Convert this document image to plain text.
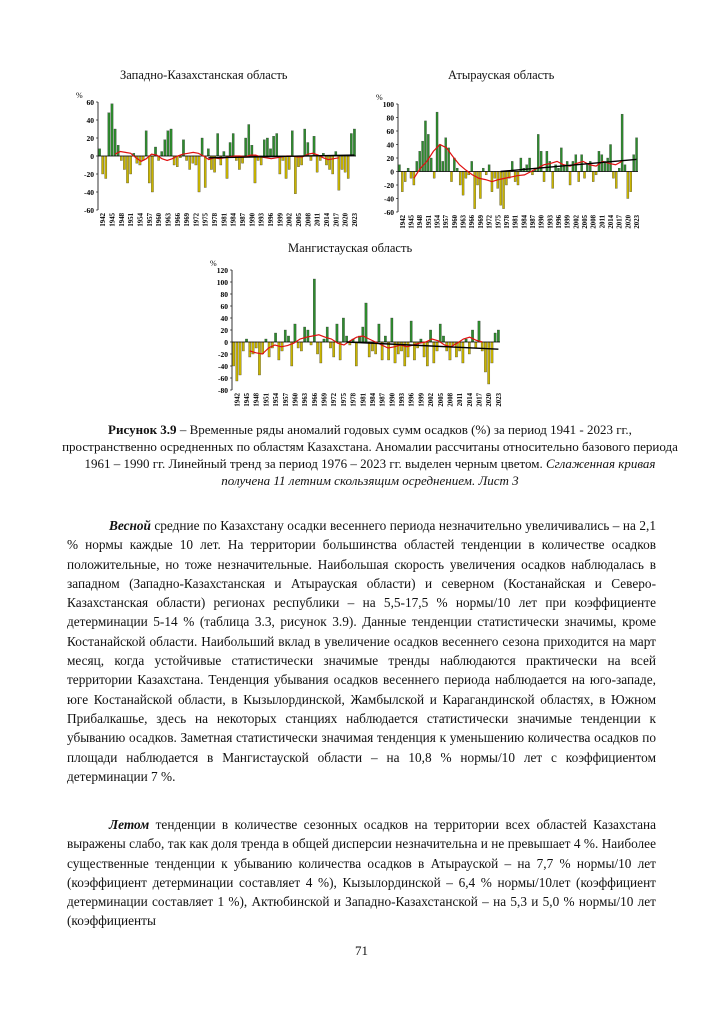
Западно-Казахстанская область
%
60
40
20
0
-20
-40
-60
1942 1945 1948 1951 1954 1957 1960 1963 1966 1969 1972 1975 1978 1981 1984 1987 1990 1993 1996 1999 2002 2005 2008 2011 2014 2017 2020 2023
Атырауская область
%
100
80
60
40
20
0
-20
-40
-60
1942 1945 1948 1951 1954 1957 1960 1963 1966 1969 1972 1975 1978 1981 1984 1987 1990 1993 1996 1999 2002 2005 2008 2011 2014 2017 2020 2023
Мангистауская область
%
120
100
80
60
40
20
0
-20
-40
-60
-80
1942 1945 1948 1951 1954 1957 1960 1963 1966 1969 1972 1975 1978 1981 1984 1987 1990 1993 1996 1999 2002 2005 2008 2011 2014 2017 2020 2023
Рисунок 3.9 – Временные ряды аномалий годовых сумм осадков (%) за период 1941 - 2023 гг., пространственно осредненных по областям Казахстана. Аномалии рассчитаны относительно базового периода 1961 – 1990 гг. Линейный тренд за период 1976 – 2023 гг. выделен черным цветом. Сглаженная кривая получена 11 летним скользящим осреднением. Лист 3

Весной средние по Казахстану осадки весеннего периода незначительно увеличивались – на 2,1 % нормы каждые 10 лет. На территории большинства областей тенденции в количестве осадков положительные, но тоже незначительные. Наибольшая скорость увеличения осадков наблюдалась в западном (Западно-Казахстанская и Атырауская области) и северном (Костанайская и Северо-Казахстанская области) регионах республики – на 5,5-17,5 % нормы/10 лет при коэффициенте детерминации 5-14 % (таблица 3.3, рисунок 3.9). Данные тенденции статистически значимы, кроме Костанайской области. Наибольший вклад в увеличение осадков весеннего сезона приходится на март месяц, когда устойчивые статистически значимые тренды наблюдаются практически на всей территории Казахстана. Тенденция убывания осадков весеннего периода наблюдается на юго-западе, юге Костанайской области, в Кызылординской, Жамбылской и Карагандинской областях, в Южном Прибалкашье, здесь на некоторых станциях наблюдается статистически значимые тенденции к убыванию осадков. Заметная статистически значимая тенденция к уменьшению количества осадков по площади наблюдается в Мангистауской области – на 10,8 % нормы/10 лет с коэффициентом детерминации 7 %.

Летом тенденции в количестве сезонных осадков на территории всех областей Казахстана выражены слабо, так как доля тренда в общей дисперсии незначительна и не превышает 4 %. Наиболее существенные тенденции к убыванию количества осадков в Атырауской – на 7,7 % нормы/10 лет (коэффициент детерминации составляет 4 %), Кызылординской – 6,4 % нормы/10лет (коэффициент детерминации составляет 1 %), Актюбинской и Западно-Казахстанской – на 5,3 и 5,0 % нормы/10 лет (коэффициенты

71
